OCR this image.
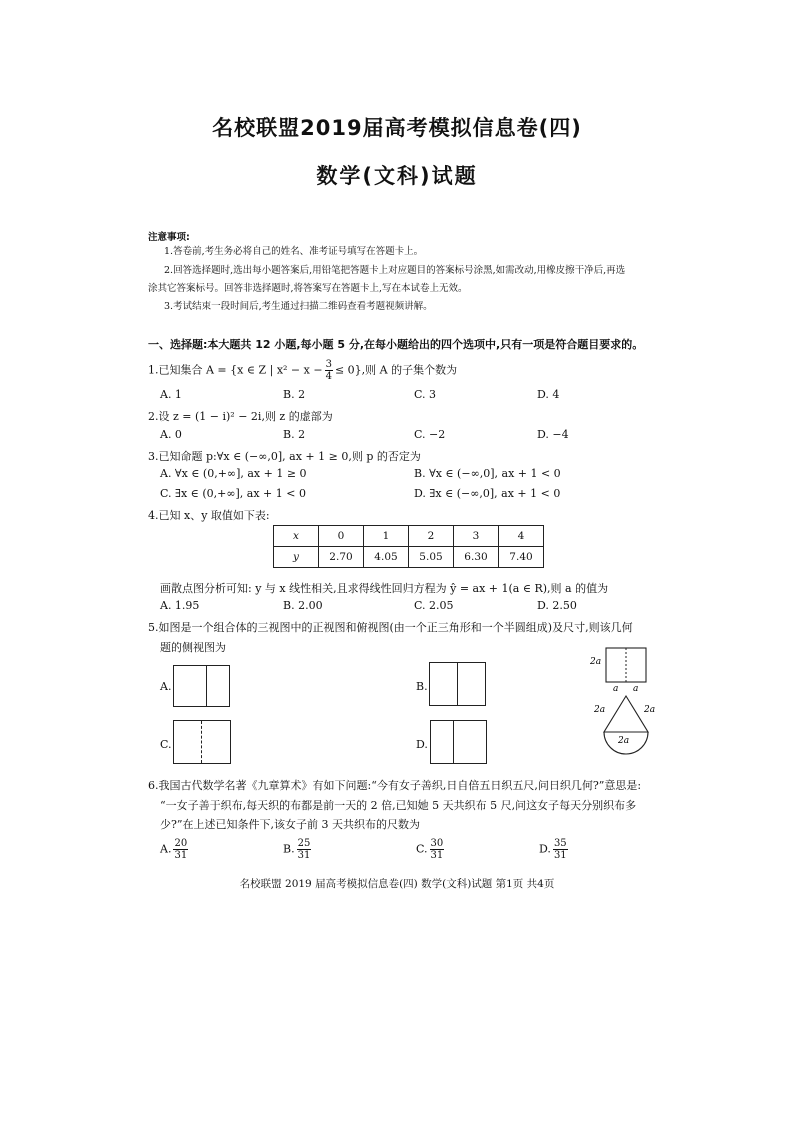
名校联盟2019届高考模拟信息卷(四)
数学(文科)试题
注意事项:
1.答卷前,考生务必将自己的姓名、准考证号填写在答题卡上。
2.回答选择题时,选出每小题答案后,用铅笔把答题卡上对应题目的答案标号涂黑,如需改动,用橡皮擦干净后,再选
涂其它答案标号。回答非选择题时,将答案写在答题卡上,写在本试卷上无效。
3.考试结束一段时间后,考生通过扫描二维码查看考题视频讲解。
一、选择题:本大题共 12 小题,每小题 5 分,在每小题给出的四个选项中,只有一项是符合题目要求的。
1.已知集合 A = {x ∈ Z | $x^2 - x - \frac{3}{4} \le 0$},则 A 的子集个数为
A. 1	B. 2	C. 3	D. 4
2.设 z = (1 − i)² − 2i,则 z 的虚部为
A. 0	B. 2	C. −2	D. −4
3.已知命题 p:∀x ∈ (−∞,0], ax + 1 ≥ 0,则 p 的否定为
A. ∀x ∈ (0,+∞], ax + 1 ≥ 0	B. ∀x ∈ (−∞,0], ax + 1 < 0
C. ∃x ∈ (0,+∞], ax + 1 < 0	D. ∃x ∈ (−∞,0], ax + 1 < 0
4.已知 x、y 取值如下表:
x	0	1	2	3	4
y	2.70	4.05	5.05	6.30	7.40
画散点图分析可知: y 与 x 线性相关,且求得线性回归方程为 ŷ = ax + 1(a ∈ R),则 a 的值为
A. 1.95	B. 2.00	C. 2.05	D. 2.50
5.如图是一个组合体的三视图中的正视图和俯视图(由一个正三角形和一个半圆组成)及尺寸,则该几何
题的侧视图为
A.	B.
C.	D.
2a
a a
2a	2a
2a
6.我国古代数学名著《九章算术》有如下问题:“今有女子善织,日自倍五日织五尺,问日织几何?”意思是:
“一女子善于织布,每天织的布都是前一天的 2 倍,已知她 5 天共织布 5 尺,问这女子每天分别织布多
少?”在上述已知条件下,该女子前 3 天共织布的尺数为
A. $\frac{20}{31}$	B. $\frac{25}{31}$	C. $\frac{30}{31}$	D. $\frac{35}{31}$
名校联盟 2019 届高考模拟信息卷(四) 数学(文科)试题 第1页 共4页
